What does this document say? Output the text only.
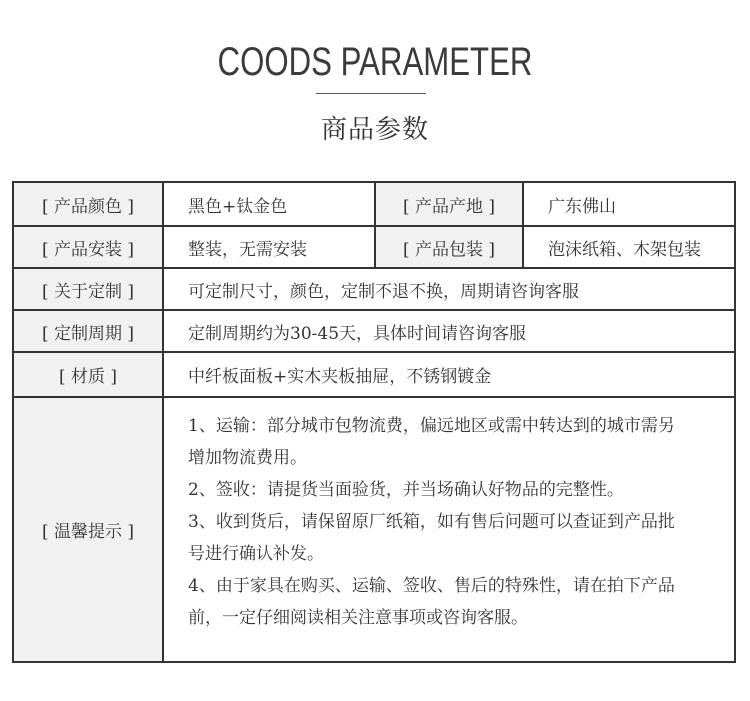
COODS PARAMETER
商品参数
[ 产品颜色 ]	黑色+钛金色	[ 产品产地 ]	广东佛山
[ 产品安装 ]	整装，无需安装	[ 产品包装 ]	泡沫纸箱、木架包装
[ 关于定制 ]	可定制尺寸，颜色，定制不退不换，周期请咨询客服
[ 定制周期 ]	定制周期约为30-45天，具体时间请咨询客服
[ 材质 ]	中纤板面板+实木夹板抽屉，不锈钢镀金
[ 温馨提示 ]

1、运输：部分城市包物流费，偏远地区或需中转达到的城市需另

增加物流费用。

2、签收：请提货当面验货，并当场确认好物品的完整性。

3、收到货后，请保留原厂纸箱，如有售后问题可以查证到产品批

号进行确认补发。

4、由于家具在购买、运输、签收、售后的特殊性，请在拍下产品

前，一定仔细阅读相关注意事项或咨询客服。
